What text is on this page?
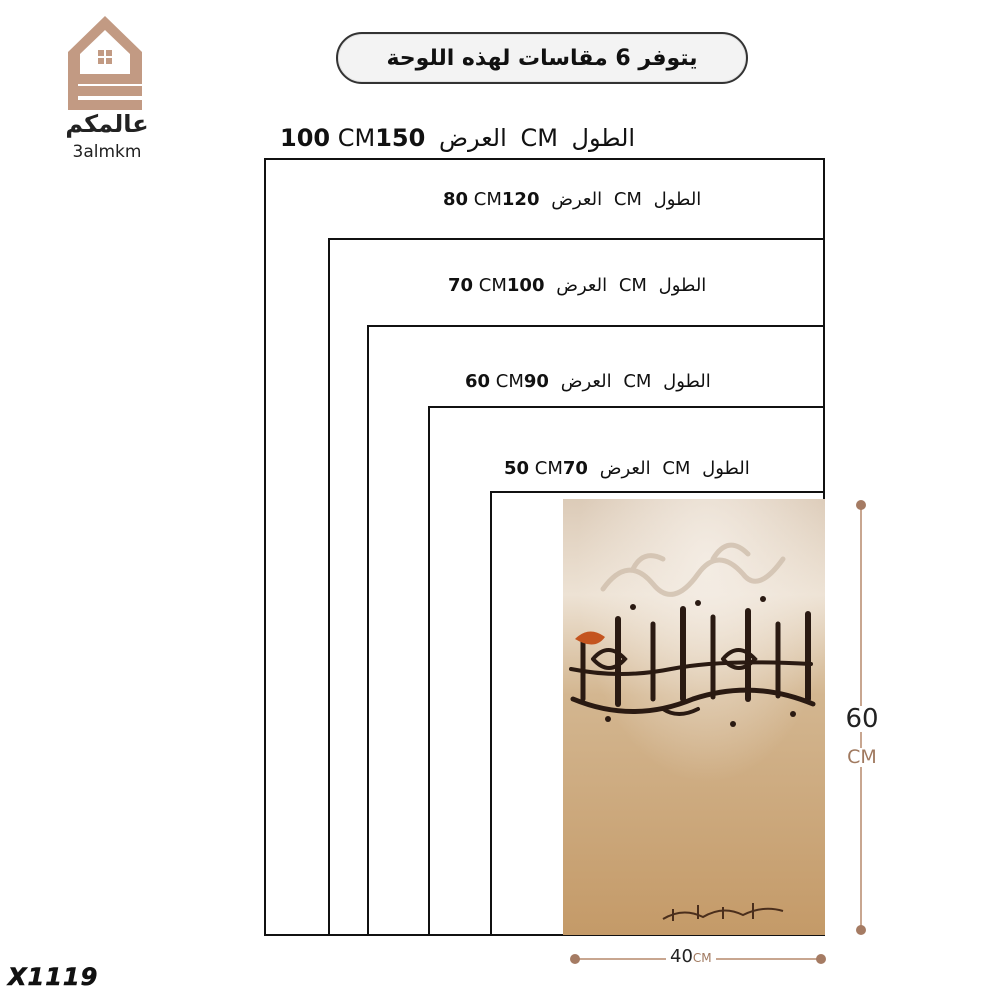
عالمكم
3almkm
يتوفر 6 مقاسات لهذه اللوحة
100 CM	العرض 150	CM الطول
80 CM	العرض 120	CM الطول
70 CM	العرض 100	CM الطول
60 CM العرض 90	CM الطول
50 CM العرض 70	CM الطول
60
CM
40CM
X1119
